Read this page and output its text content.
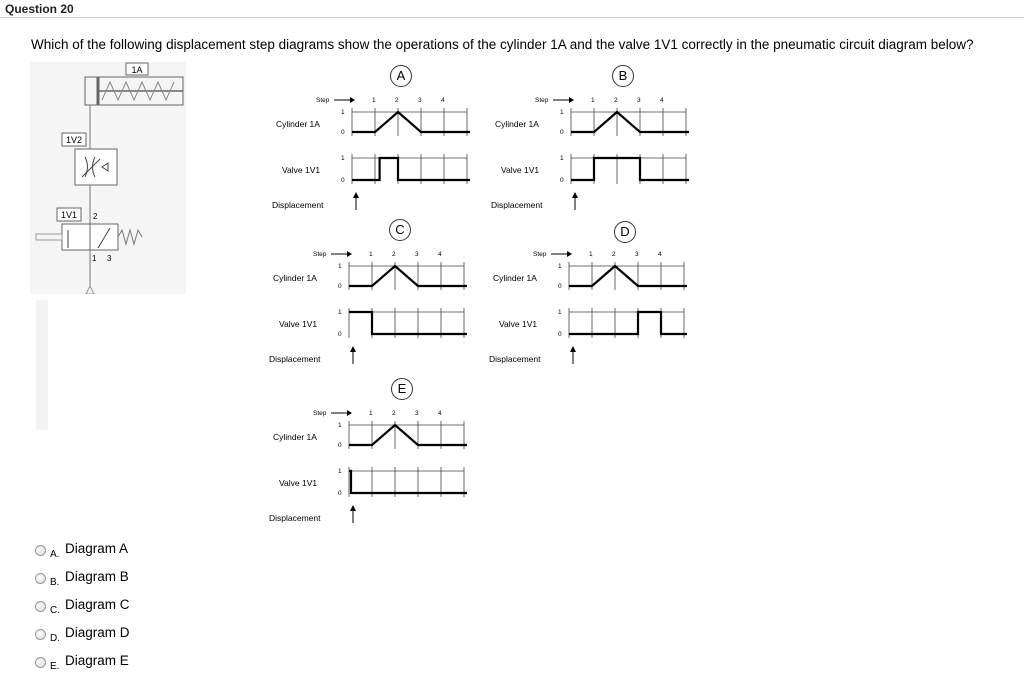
Question 20
Which of the following displacement step diagrams show the operations of the cylinder 1A and the valve 1V1 correctly in the pneumatic circuit diagram below?
1A
1V2
1V1 2
1 3
A
Step	1	2	3	4
Cylinder 1A
Valve 1V1
1
0
1
0
Displacement
B
Step	1	2	3	4
Cylinder 1A
Valve 1V1
1
0
1
0
Displacement
C
Step	1	2	3	4
Cylinder 1A
Valve 1V1
1
0
1
0
Displacement
D
Step	1	2	3	4
Cylinder 1A
Valve 1V1
1
0
1
0
Displacement
E
Step	1	2	3	4
Cylinder 1A
Valve 1V1
1
0
1
0
Displacement
A. Diagram A
B. Diagram B
C. Diagram C
D. Diagram D
E. Diagram E
